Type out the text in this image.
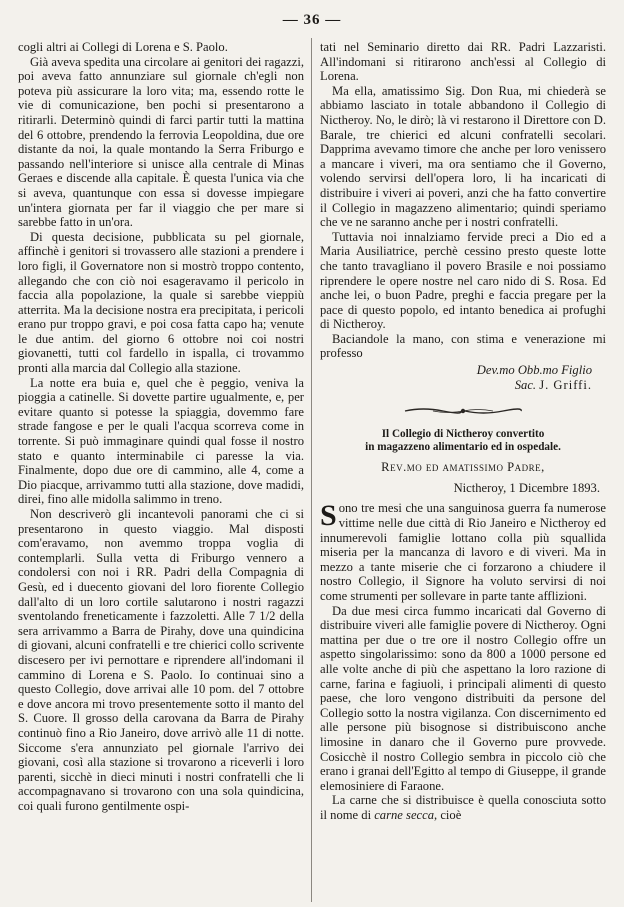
— 36 —

cogli altri ai Collegi di Lorena e S. Paolo.

Già aveva spedita una circolare ai genitori dei ragazzi, poi aveva fatto annunziare sul giornale ch'egli non poteva più assicurare la loro vita; ma, essendo rotte le vie di comunicazione, ben pochi si presentarono a ritirarli. Determinò quindi di farci partir tutti la mattina del 6 ottobre, prendendo la ferrovia Leopoldina, due ore distante da noi, la quale montando la Serra Friburgo e passando nell'interiore si unisce alla centrale di Minas Geraes e discende alla capitale. È questa l'unica via che si aveva, quantunque con essa si dovesse impiegare un'intera giornata per far il viaggio che per mare si sarebbe fatto in un'ora.

Di questa decisione, pubblicata su pel giornale, affinchè i genitori si trovassero alle stazioni a prendere i loro figli, il Governatore non si mostrò troppo contento, allegando che con ciò noi esageravamo il pericolo in faccia alla popolazione, la quale si sarebbe vieppiù atterrita. Ma la decisione nostra era precipitata, i pericoli erano pur troppo gravi, e poi cosa fatta capo ha; venute le due antim. del giorno 6 ottobre noi coi nostri giovanetti, tutti col fardello in ispalla, ci trovammo pronti alla marcia dal Collegio alla stazione.

La notte era buia e, quel che è peggio, veniva la pioggia a catinelle. Si dovette partire ugualmente, e, per evitare quanto si potesse la spiaggia, dovemmo fare strade fangose e per le quali l'acqua scorreva come in torrente. Si può immaginare quindi qual fosse il nostro stato e quanto interminabile ci paresse la via. Finalmente, dopo due ore di cammino, alle 4, come a Dio piacque, arrivammo tutti alla stazione, dove madidi, direi, fino alle midolla salimmo in treno.

Non descriverò gli incantevoli panorami che ci si presentarono in questo viaggio. Mal disposti com'eravamo, non avemmo troppa voglia di contemplarli. Sulla vetta di Friburgo vennero a condolersi con noi i RR. Padri della Compagnia di Gesù, ed i duecento giovani del loro fiorente Collegio dall'alto di un loro cortile salutarono i nostri ragazzi sventolando freneticamente i fazzoletti. Alle 7 1/2 della sera arrivammo a Barra de Pirahy, dove una quindicina di giovani, alcuni confratelli e tre chierici collo scrivente discesero per ivi pernottare e riprendere all'indomani il cammino di Lorena e S. Paolo. Io continuai sino a questo Collegio, dove arrivai alle 10 pom. del 7 ottobre e dove ancora mi trovo presentemente sotto il manto del S. Cuore. Il grosso della carovana da Barra de Pirahy continuò fino a Rio Janeiro, dove arrivò alle 11 di notte. Siccome s'era annunziato pel giornale l'arrivo dei giovani, così alla stazione si trovarono a riceverli i loro parenti, sicchè in dieci minuti i nostri confratelli che li accompagnavano si trovarono con una sola quindicina, coi quali furono gentilmente ospi-

tati nel Seminario diretto dai RR. Padri Lazzaristi. All'indomani si ritirarono anch'essi al Collegio di Lorena.

Ma ella, amatissimo Sig. Don Rua, mi chiederà se abbiamo lasciato in totale abbandono il Collegio di Nictheroy. No, le dirò; là vi restarono il Direttore con D. Barale, tre chierici ed alcuni confratelli secolari. Dapprima avevamo timore che anche per loro venissero a mancare i viveri, ma ora sentiamo che il Governo, volendo servirsi dell'opera loro, li ha incaricati di distribuire i viveri ai poveri, anzi che ha fatto convertire il Collegio in magazzeno alimentario; quindi speriamo che ve ne saranno anche per i nostri confratelli.

Tuttavia noi innalziamo fervide preci a Dio ed a Maria Ausiliatrice, perchè cessino presto queste lotte che tanto travagliano il povero Brasile e noi possiamo riprendere le opere nostre nel caro nido di S. Rosa. Ed anche lei, o buon Padre, preghi e faccia pregare per la pace di questo popolo, ed intanto benedica ai profughi di Nictheroy.

Baciandole la mano, con stima e venerazione mi professo

Dev.mo Obb.mo Figlio
Sac. J. Griffi.
Il Collegio di Nictheroy convertito
in magazzeno alimentario ed in ospedale.
Rev.mo ed amatissimo Padre,
Nictheroy, 1 Dicembre 1893.

Sono tre mesi che una sanguinosa guerra fa numerose vittime nelle due città di Rio Janeiro e Nictheroy ed innumerevoli famiglie lottano colla più squallida miseria per la mancanza di lavoro e di viveri. Ma in mezzo a tante miserie che ci forzarono a chiudere il nostro Collegio, il Signore ha voluto servirsi di noi come strumenti per sollevare in parte tante afflizioni.

Da due mesi circa fummo incaricati dal Governo di distribuire viveri alle famiglie povere di Nictheroy. Ogni mattina per due o tre ore il nostro Collegio offre un aspetto singolarissimo: sono da 800 a 1000 persone ed alle volte anche di più che aspettano la loro razione di carne, farina e fagiuoli, i principali alimenti di questo paese, che loro vengono distribuiti da persone del Collegio sotto la nostra vigilanza. Con discernimento ed alle persone più bisognose si distribuiscono anche limosine in danaro che il Governo pure provvede. Cosicchè il nostro Collegio sembra in piccolo ciò che erano i granai dell'Egitto al tempo di Giuseppe, il grande elemosiniere di Faraone.

La carne che si distribuisce è quella conosciuta sotto il nome di carne secca, cioè
